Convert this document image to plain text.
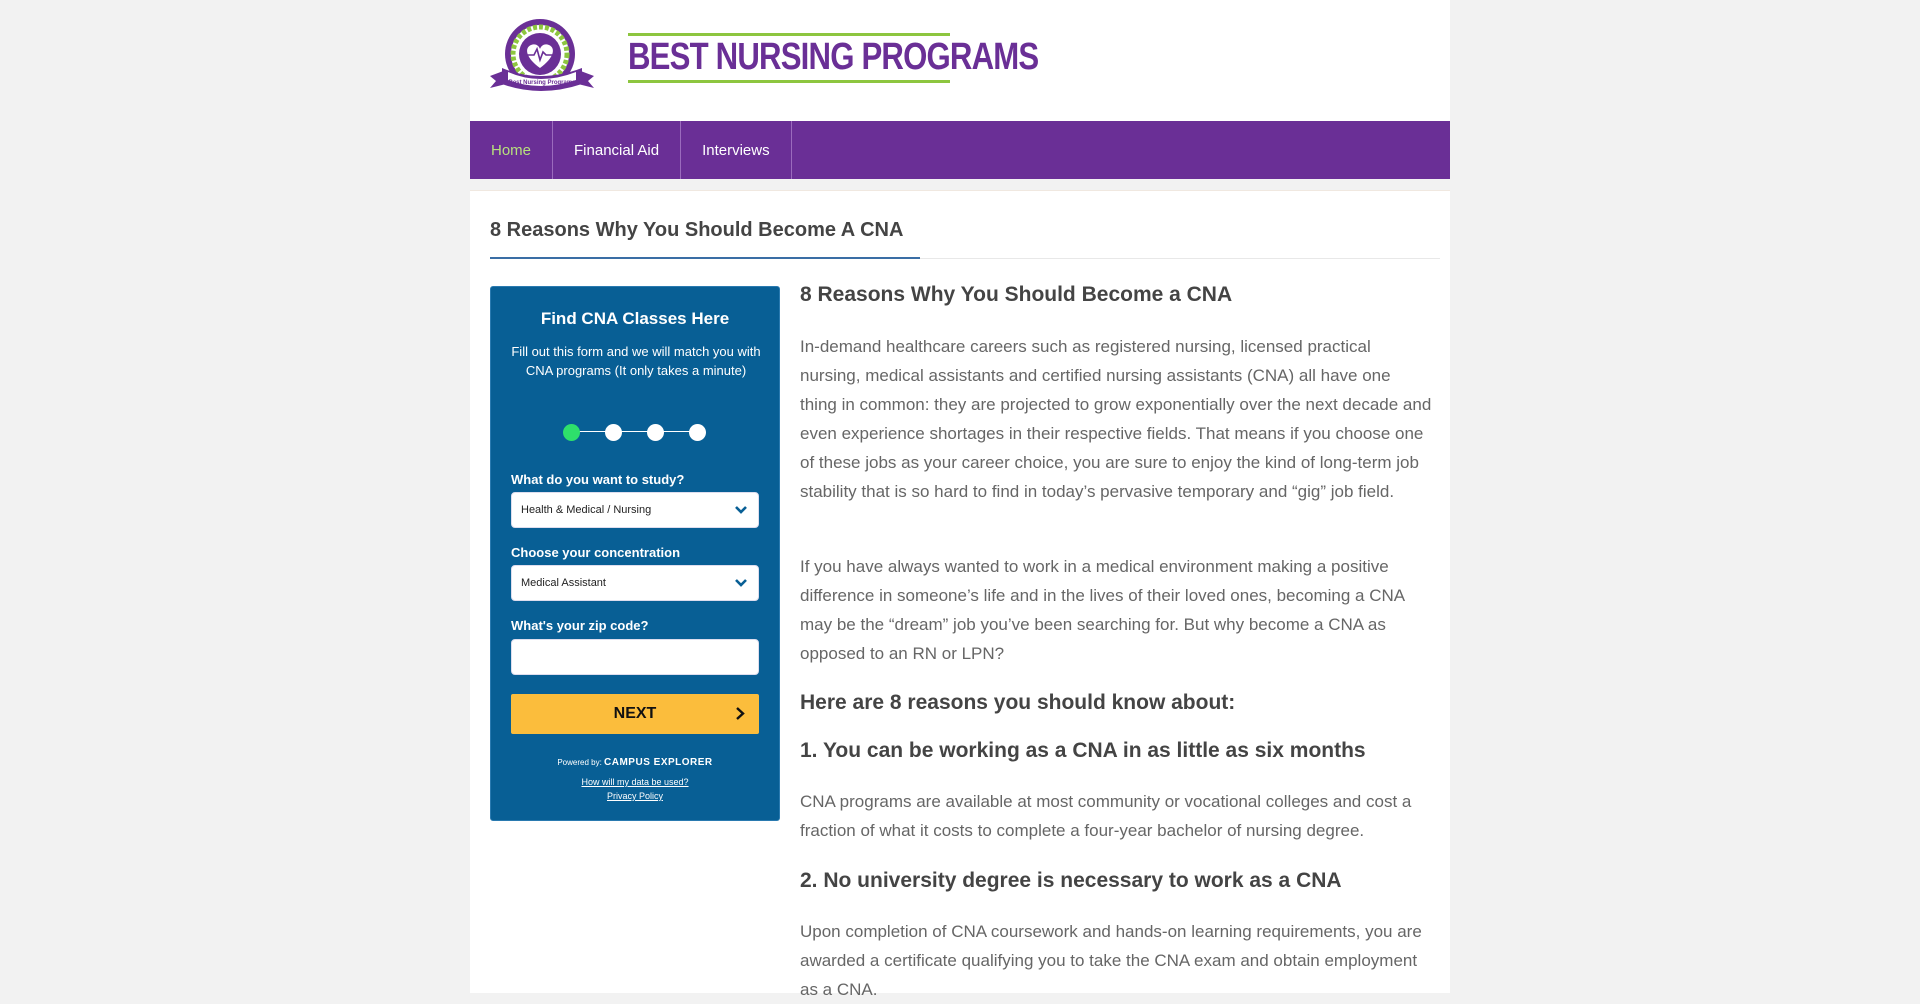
Best Nursing Programs
BEST NURSING PROGRAMS
Home	Financial Aid	Interviews
8 Reasons Why You Should Become A CNA
Find CNA Classes Here
Fill out this form and we will match you with CNA programs (It only takes a minute)
What do you want to study?
Health & Medical / Nursing
Choose your concentration
Medical Assistant
What's your zip code?
NEXT
Powered by: CAMPUS EXPLORER
How will my data be used?
Privacy Policy
8 Reasons Why You Should Become a CNA

In-demand healthcare careers such as registered nursing, licensed practical nursing, medical assistants and certified nursing assistants (CNA) all have one thing in common: they are projected to grow exponentially over the next decade and even experience shortages in their respective fields. That means if you choose one of these jobs as your career choice, you are sure to enjoy the kind of long-term job stability that is so hard to find in today’s pervasive temporary and “gig” job field.

If you have always wanted to work in a medical environment making a positive difference in someone’s life and in the lives of their loved ones, becoming a CNA may be the “dream” job you’ve been searching for. But why become a CNA as opposed to an RN or LPN?

Here are 8 reasons you should know about:
1. You can be working as a CNA in as little as six months

CNA programs are available at most community or vocational colleges and cost a fraction of what it costs to complete a four-year bachelor of nursing degree.

2. No university degree is necessary to work as a CNA

Upon completion of CNA coursework and hands-on learning requirements, you are awarded a certificate qualifying you to take the CNA exam and obtain employment as a CNA.
